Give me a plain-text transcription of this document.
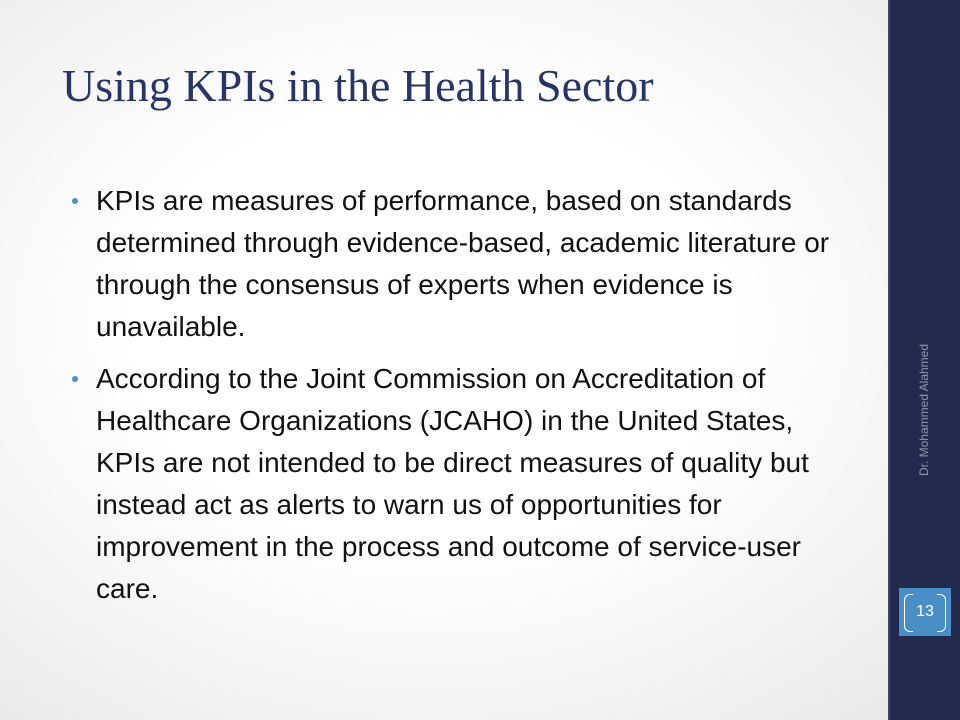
Using KPIs in the Health Sector
KPIs are measures of performance, based on standards determined through evidence-based, academic literature or through the consensus of experts when evidence is unavailable.
According to the Joint Commission on Accreditation of Healthcare Organizations (JCAHO) in the United States, KPIs are not intended to be direct measures of quality but instead act as alerts to warn us of opportunities for improvement in the process and outcome of service-user care.
Dr. Mohammed Alahmed
13
